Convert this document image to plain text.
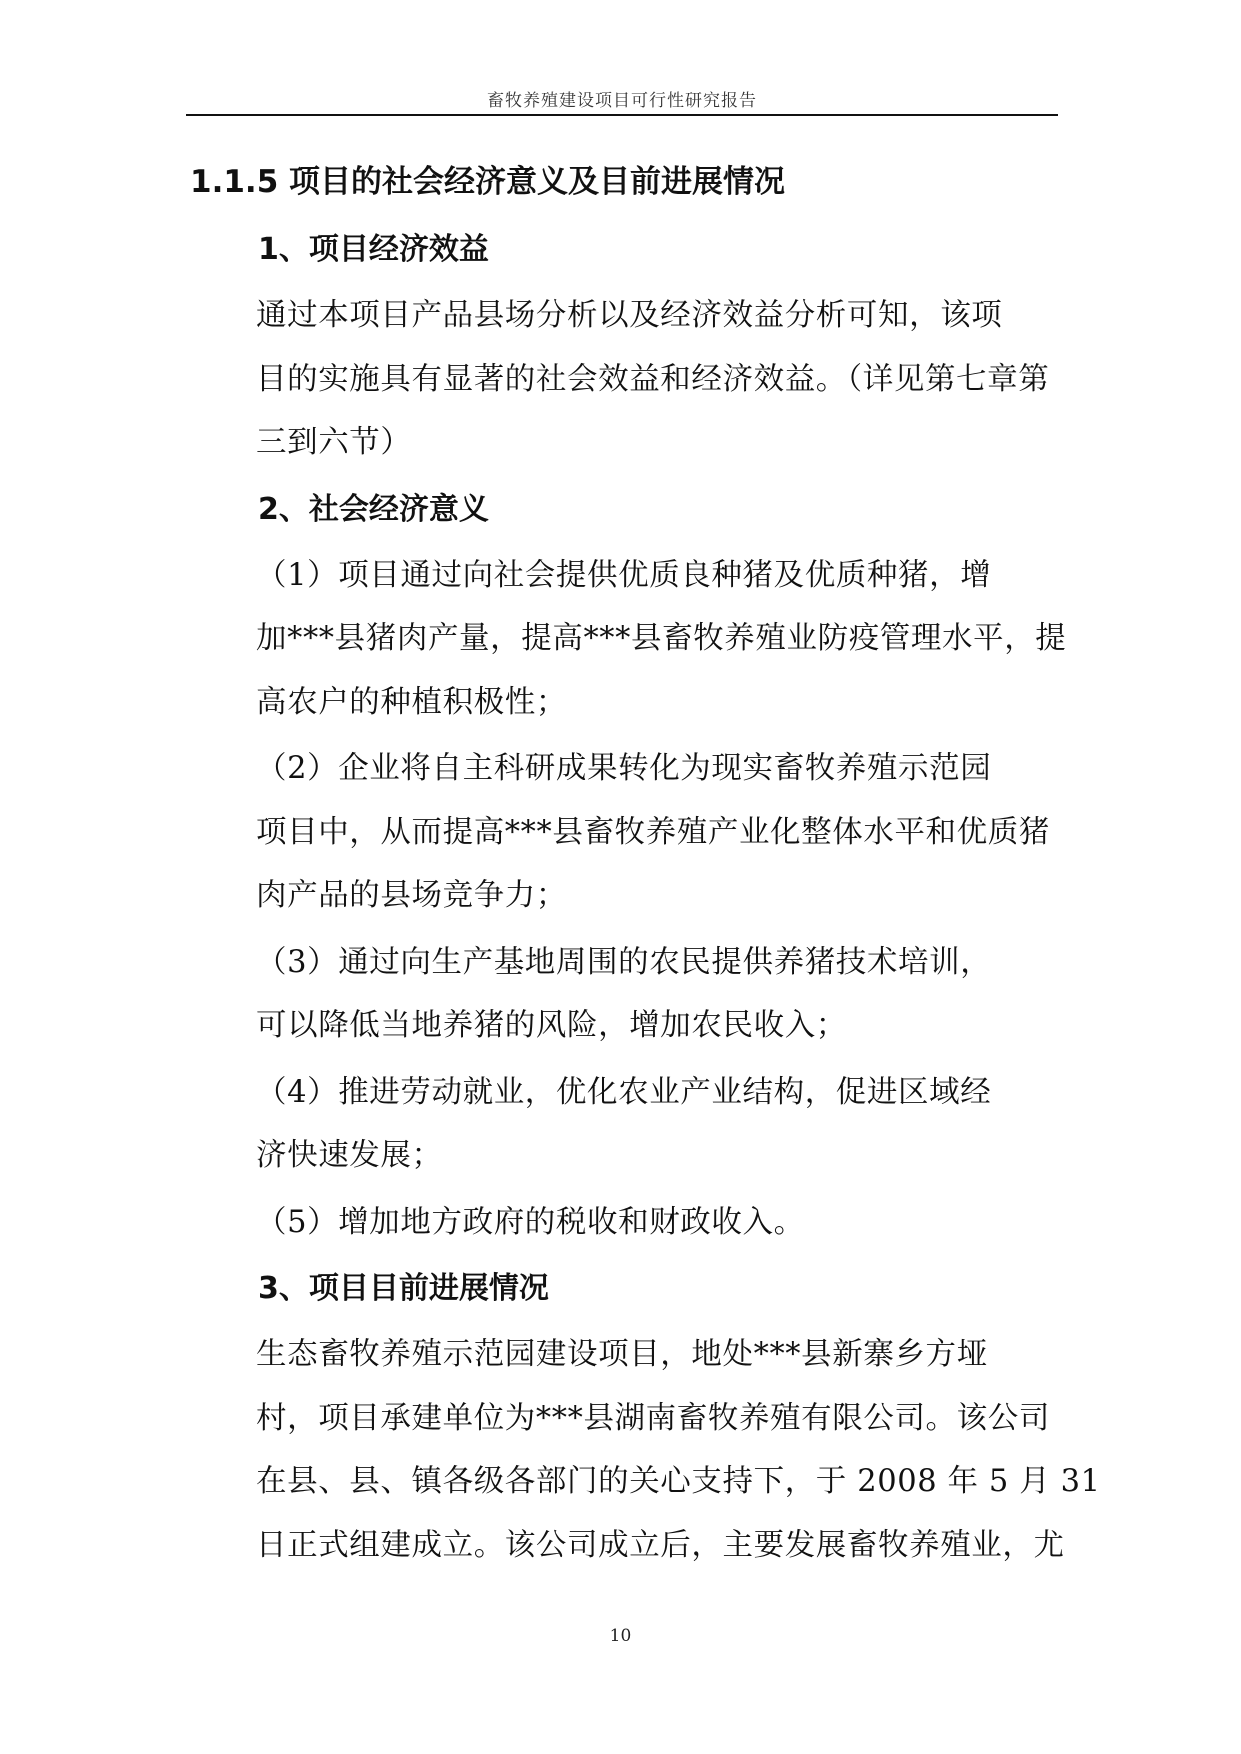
畜牧养殖建设项目可行性研究报告
1.1.5 项目的社会经济意义及目前进展情况
1、项目经济效益

通过本项目产品县场分析以及经济效益分析可知，该项
目的实施具有显著的社会效益和经济效益。（详见第七章第
三到六节）

2、社会经济意义

（1）项目通过向社会提供优质良种猪及优质种猪，增
加***县猪肉产量，提高***县畜牧养殖业防疫管理水平，提
高农户的种植积极性；

（2）企业将自主科研成果转化为现实畜牧养殖示范园
项目中，从而提高***县畜牧养殖产业化整体水平和优质猪
肉产品的县场竞争力；

（3）通过向生产基地周围的农民提供养猪技术培训，
可以降低当地养猪的风险，增加农民收入；

（4）推进劳动就业，优化农业产业结构，促进区域经
济快速发展；

（5）增加地方政府的税收和财政收入。

3、项目目前进展情况

生态畜牧养殖示范园建设项目，地处***县新寨乡方垭
村，项目承建单位为***县湖南畜牧养殖有限公司。该公司
在县、县、镇各级各部门的关心支持下，于 2008 年 5 月 31
日正式组建成立。该公司成立后，主要发展畜牧养殖业，尤

10
